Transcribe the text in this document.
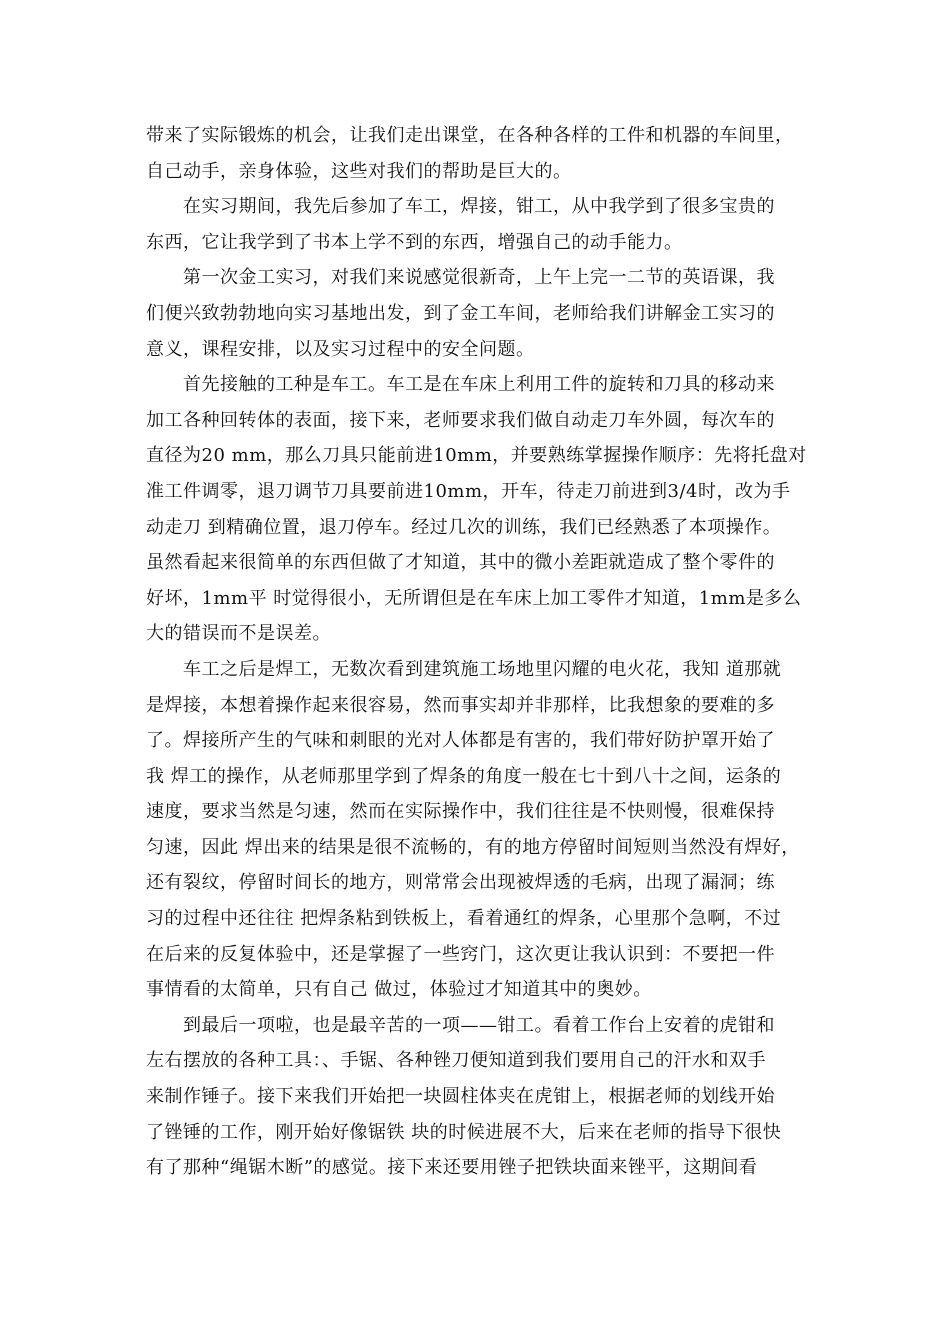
带来了实际锻炼的机会，让我们走出课堂，在各种各样的工件和机器的车间里，
自己动手，亲身体验，这些对我们的帮助是巨大的。
　　在实习期间，我先后参加了车工，焊接，钳工，从中我学到了很多宝贵的
东西，它让我学到了书本上学不到的东西，增强自己的动手能力。
　　第一次金工实习，对我们来说感觉很新奇，上午上完一二节的英语课，我
们便兴致勃勃地向实习基地出发，到了金工车间，老师给我们讲解金工实习的
意义，课程安排，以及实习过程中的安全问题。
　　首先接触的工种是车工。车工是在车床上利用工件的旋转和刀具的移动来
加工各种回转体的表面，接下来，老师要求我们做自动走刀车外圆，每次车的
直径为20 mm，那么刀具只能前进10mm，并要熟练掌握操作顺序：先将托盘对
准工件调零，退刀调节刀具要前进10mm，开车，待走刀前进到3/4时，改为手
动走刀 到精确位置，退刀停车。经过几次的训练，我们已经熟悉了本项操作。
虽然看起来很简单的东西但做了才知道，其中的微小差距就造成了整个零件的
好坏，1mm平 时觉得很小，无所谓但是在车床上加工零件才知道，1mm是多么
大的错误而不是误差。
　　车工之后是焊工，无数次看到建筑施工场地里闪耀的电火花，我知 道那就
是焊接，本想着操作起来很容易，然而事实却并非那样，比我想象的要难的多
了。焊接所产生的气味和刺眼的光对人体都是有害的，我们带好防护罩开始了
我 焊工的操作，从老师那里学到了焊条的角度一般在七十到八十之间，运条的
速度，要求当然是匀速，然而在实际操作中，我们往往是不快则慢，很难保持
匀速，因此 焊出来的结果是很不流畅的，有的地方停留时间短则当然没有焊好，
还有裂纹，停留时间长的地方，则常常会出现被焊透的毛病，出现了漏洞；练
习的过程中还往往 把焊条粘到铁板上，看着通红的焊条，心里那个急啊，不过
在后来的反复体验中，还是掌握了一些窍门，这次更让我认识到：不要把一件
事情看的太简单，只有自己 做过，体验过才知道其中的奥妙。
　　到最后一项啦，也是最辛苦的一项——钳工。看着工作台上安着的虎钳和
左右摆放的各种工具：、手锯、各种锉刀便知道到我们要用自己的汗水和双手
来制作锤子。接下来我们开始把一块圆柱体夹在虎钳上，根据老师的划线开始
了锉锤的工作，刚开始好像锯铁 块的时候进展不大，后来在老师的指导下很快
有了那种“绳锯木断”的感觉。接下来还要用锉子把铁块面来锉平，这期间看
